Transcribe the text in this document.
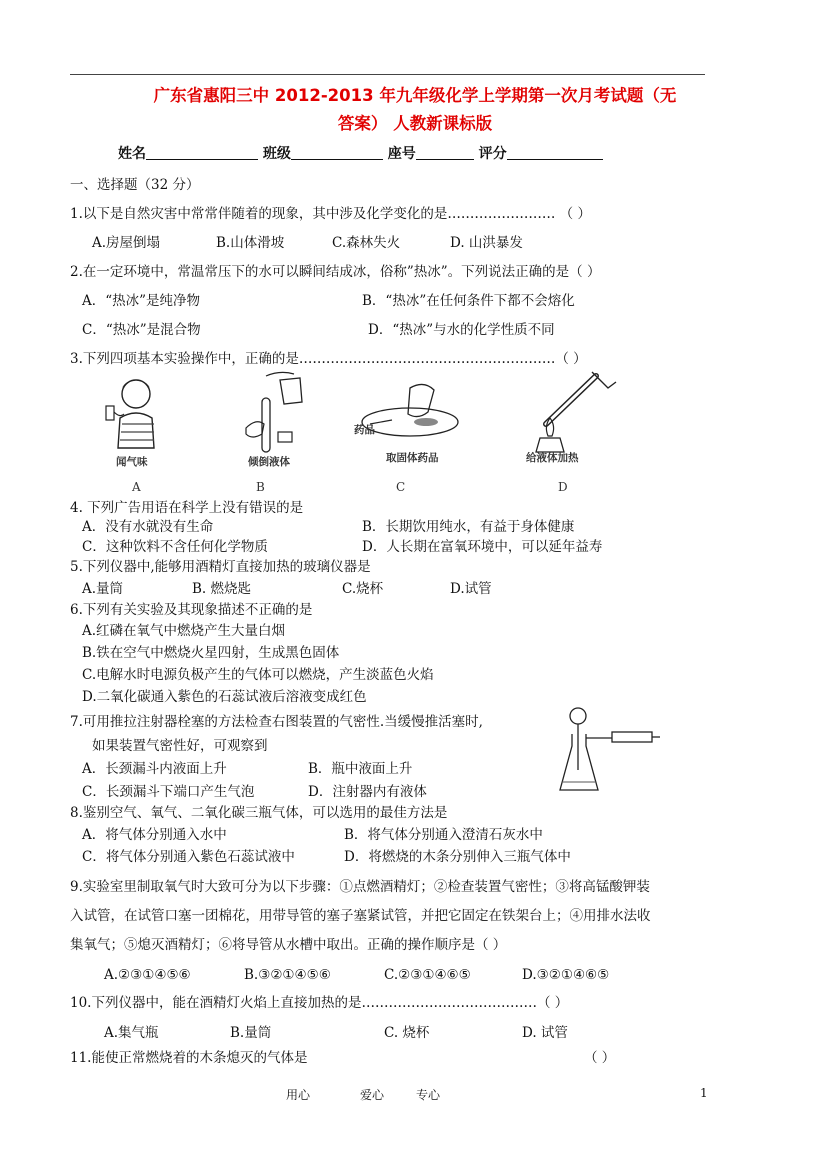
广东省惠阳三中 2012-2013 年九年级化学上学期第一次月考试题（无
答案） 人教新课标版
姓名	班级	座号	评分
一、选择题（32 分）
1.以下是自然灾害中常常伴随着的现象，其中涉及化学变化的是…………………… （ ）
A.房屋倒塌	B.山体滑坡	C.森林失火	D. 山洪暴发
2.在一定环境中，常温常压下的水可以瞬间结成冰，俗称”热冰”。下列说法正确的是（ ）
A．“热冰”是纯净物	B．“热冰”在任何条件下都不会熔化
C．“热冰”是混合物	D．“热冰”与水的化学性质不同
3.下列四项基本实验操作中，正确的是…………………………………………………（ ）
闻气味
A
倾倒液体
B
药品
取固体药品
C
给液体加热
D
4. 下列广告用语在科学上没有错误的是
A．没有水就没有生命	B．长期饮用纯水，有益于身体健康
C．这种饮料不含任何化学物质	D．人长期在富氧环境中，可以延年益寿
5.下列仪器中,能够用酒精灯直接加热的玻璃仪器是
A.量筒	B. 燃烧匙	C.烧杯	D.试管
6.下列有关实验及其现象描述不正确的是
A.红磷在氧气中燃烧产生大量白烟
B.铁在空气中燃烧火星四射，生成黑色固体
C.电解水时电源负极产生的气体可以燃烧，产生淡蓝色火焰
D.二氧化碳通入紫色的石蕊试液后溶液变成红色
7.可用推拉注射器栓塞的方法检查右图装置的气密性.当缓慢推活塞时,
如果装置气密性好，可观察到
A．长颈漏斗内液面上升	B．瓶中液面上升
C．长颈漏斗下端口产生气泡	D．注射器内有液体
8.鉴别空气、氧气、二氧化碳三瓶气体，可以选用的最佳方法是
A．将气体分别通入水中	B．将气体分别通入澄清石灰水中
C．将气体分别通入紫色石蕊试液中	D．将燃烧的木条分别伸入三瓶气体中
9.实验室里制取氧气时大致可分为以下步骤：①点燃酒精灯；②检查装置气密性；③将高锰酸钾装
入试管，在试管口塞一团棉花，用带导管的塞子塞紧试管，并把它固定在铁架台上；④用排水法收
集氧气；⑤熄灭酒精灯；⑥将导管从水槽中取出。正确的操作顺序是（ ）
A.②③①④⑤⑥	B.③②①④⑤⑥	C.②③①④⑥⑤	D.③②①④⑥⑤
10.下列仪器中，能在酒精灯火焰上直接加热的是…………………………………（ ）
A.集气瓶	B.量筒	C. 烧杯	D. 试管
11.能使正常燃烧着的木条熄灭的气体是	（ ）
用心	爱心	专心	1
